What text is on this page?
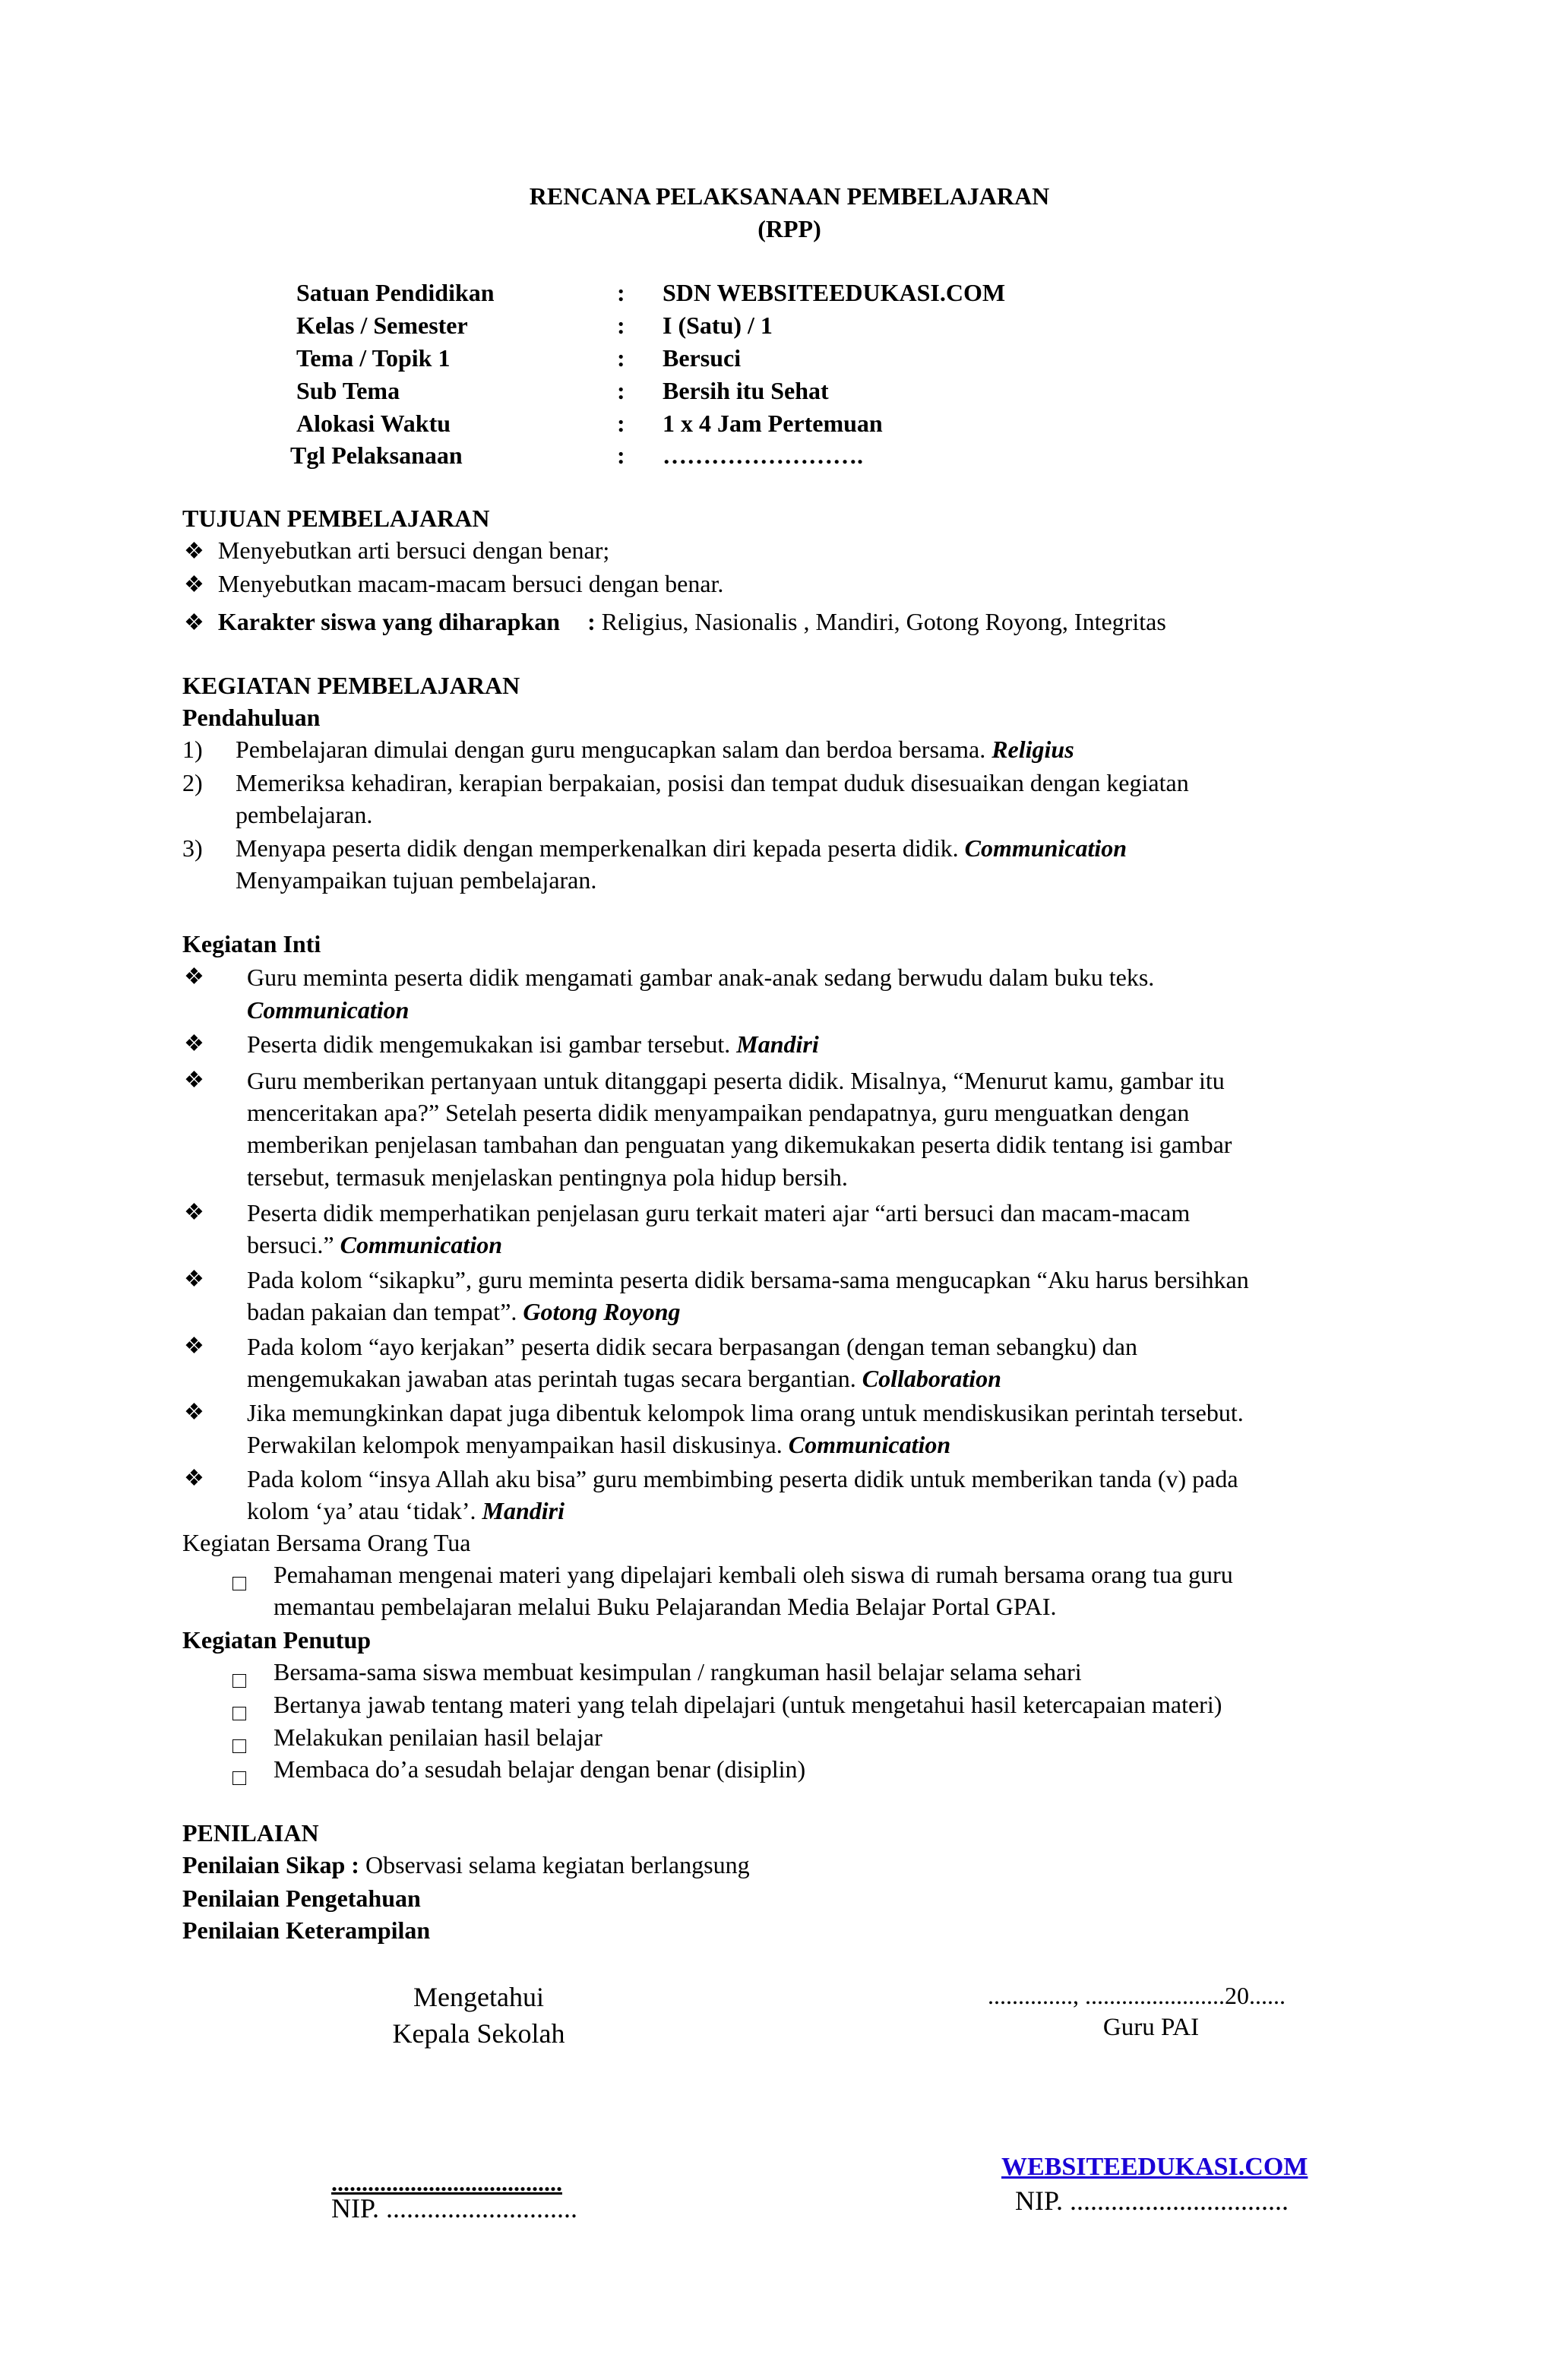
RENCANA PELAKSANAAN PEMBELAJARAN
(RPP)
Satuan Pendidikan	: SDN WEBSITEEDUKASI.COM
Kelas / Semester	: I (Satu) / 1
Tema / Topik 1	: Bersuci
Sub Tema	: Bersih itu Sehat
Alokasi Waktu	: 1 x 4 Jam Pertemuan
Tgl Pelaksanaan	: …………………….
TUJUAN PEMBELAJARAN
❖ Menyebutkan arti bersuci dengan benar;
❖ Menyebutkan macam-macam bersuci dengan benar.
❖ Karakter siswa yang diharapkan : Religius, Nasionalis , Mandiri, Gotong Royong, Integritas
KEGIATAN PEMBELAJARAN
Pendahuluan
1) Pembelajaran dimulai dengan guru mengucapkan salam dan berdoa bersama. Religius
2) Memeriksa kehadiran, kerapian berpakaian, posisi dan tempat duduk disesuaikan dengan kegiatan
pembelajaran.
3) Menyapa peserta didik dengan memperkenalkan diri kepada peserta didik. Communication
Menyampaikan tujuan pembelajaran.
Kegiatan Inti
❖ Guru meminta peserta didik mengamati gambar anak-anak sedang berwudu dalam buku teks.
Communication
❖ Peserta didik mengemukakan isi gambar tersebut. Mandiri
❖ Guru memberikan pertanyaan untuk ditanggapi peserta didik. Misalnya, “Menurut kamu, gambar itu
menceritakan apa?” Setelah peserta didik menyampaikan pendapatnya, guru menguatkan dengan
memberikan penjelasan tambahan dan penguatan yang dikemukakan peserta didik tentang isi gambar
tersebut, termasuk menjelaskan pentingnya pola hidup bersih.
❖ Peserta didik memperhatikan penjelasan guru terkait materi ajar “arti bersuci dan macam-macam
bersuci.” Communication
❖ Pada kolom “sikapku”, guru meminta peserta didik bersama-sama mengucapkan “Aku harus bersihkan
badan pakaian dan tempat”. Gotong Royong
❖ Pada kolom “ayo kerjakan” peserta didik secara berpasangan (dengan teman sebangku) dan
mengemukakan jawaban atas perintah tugas secara bergantian. Collaboration
❖ Jika memungkinkan dapat juga dibentuk kelompok lima orang untuk mendiskusikan perintah tersebut.
Perwakilan kelompok menyampaikan hasil diskusinya. Communication
❖ Pada kolom “insya Allah aku bisa” guru membimbing peserta didik untuk memberikan tanda (v) pada
kolom ‘ya’ atau ‘tidak’. Mandiri
Kegiatan Bersama Orang Tua
Pemahaman mengenai materi yang dipelajari kembali oleh siswa di rumah bersama orang tua guru
memantau pembelajaran melalui Buku Pelajarandan Media Belajar Portal GPAI.
Kegiatan Penutup
Bersama-sama siswa membuat kesimpulan / rangkuman hasil belajar selama sehari
Bertanya jawab tentang materi yang telah dipelajari (untuk mengetahui hasil ketercapaian materi)
Melakukan penilaian hasil belajar
Membaca do’a sesudah belajar dengan benar (disiplin)
PENILAIAN
Penilaian Sikap : Observasi selama kegiatan berlangsung
Penilaian Pengetahuan
Penilaian Keterampilan
Mengetahui
Kepala Sekolah
.............., .......................20......
Guru PAI
......................................
NIP. ............................
WEBSITEEDUKASI.COM
NIP. ................................
